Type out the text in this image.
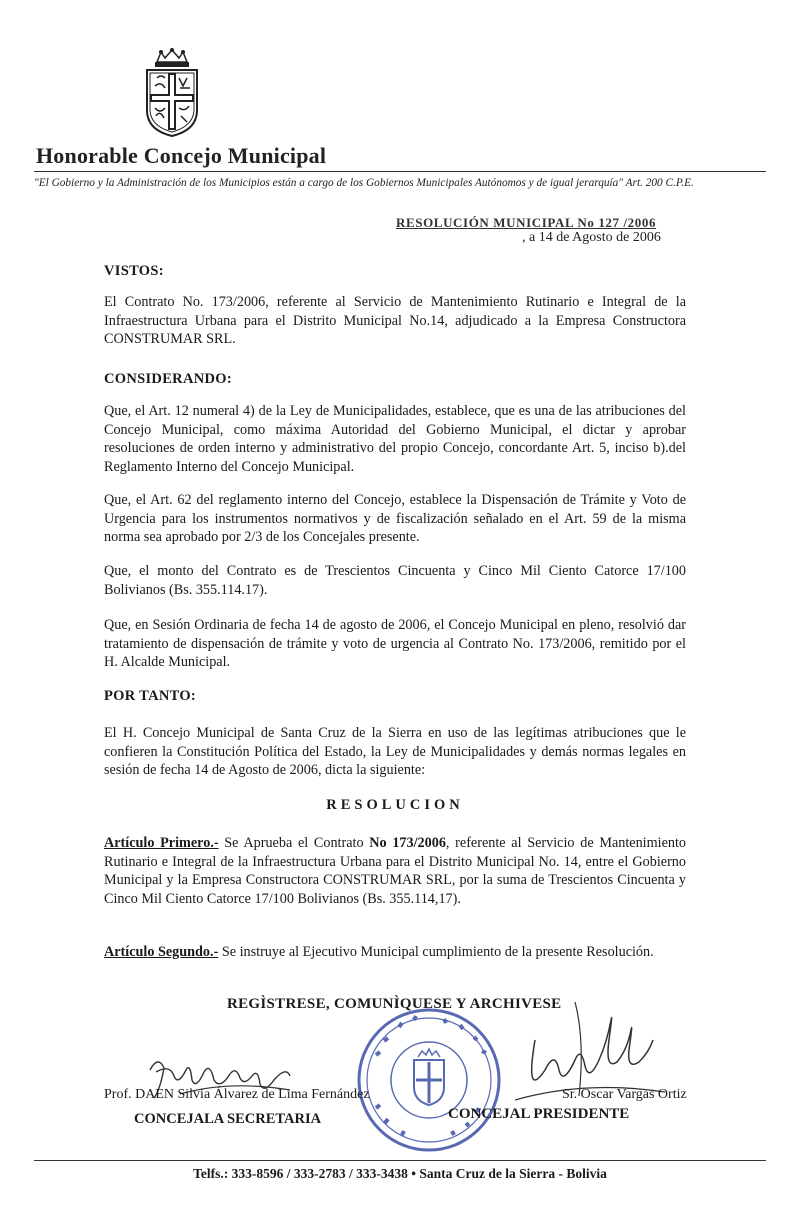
Honorable Concejo Municipal
"El Gobierno y la Administración de los Municipios están a cargo de los Gobiernos Municipales Autónomos y de igual jerarquía" Art. 200 C.P.E.
RESOLUCIÓN MUNICIPAL No 127 /2006
, a 14 de Agosto de 2006
VISTOS:
El Contrato No. 173/2006, referente al Servicio de Mantenimiento Rutinario e Integral de la Infraestructura Urbana para el Distrito Municipal No.14, adjudicado a la Empresa Constructora CONSTRUMAR SRL.
CONSIDERANDO:
Que, el Art. 12 numeral 4) de la Ley de Municipalidades, establece, que es una de las atribuciones del Concejo Municipal, como máxima Autoridad del Gobierno Municipal, el dictar y aprobar resoluciones de orden interno y administrativo del propio Concejo, concordante Art. 5, inciso b).del Reglamento Interno del Concejo Municipal.
Que, el Art. 62 del reglamento interno del Concejo, establece la Dispensación de Trámite y Voto de Urgencia para los instrumentos normativos y de fiscalización señalado en el Art. 59 de la misma norma sea aprobado por 2/3 de los Concejales presente.
Que, el monto del Contrato es de Trescientos Cincuenta y Cinco Mil Ciento Catorce 17/100 Bolivianos (Bs. 355.114.17).
Que, en Sesión Ordinaria de fecha 14 de agosto de 2006, el Concejo Municipal en pleno, resolvió dar tratamiento de dispensación de trámite y voto de urgencia al Contrato No. 173/2006, remitido por el H. Alcalde Municipal.
POR TANTO:
El H. Concejo Municipal de Santa Cruz de la Sierra en uso de las legítimas atribuciones que le confieren la Constitución Política del Estado, la Ley de Municipalidades y demás normas legales en sesión de fecha 14 de Agosto de 2006, dicta la siguiente:
RESOLUCION
Artículo Primero.- Se Aprueba el Contrato No 173/2006, referente al Servicio de Mantenimiento Rutinario e Integral de la Infraestructura Urbana para el Distrito Municipal No. 14, entre el Gobierno Municipal y la Empresa Constructora CONSTRUMAR SRL, por la suma de Trescientos Cincuenta y Cinco Mil Ciento Catorce 17/100 Bolivianos (Bs. 355.114,17).
Artículo Segundo.- Se instruye al Ejecutivo Municipal cumplimiento de la presente Resolución.
REGÌSTRESE, COMUNÌQUESE Y ARCHIVESE
Prof. DAEN Silvia Álvarez de Lima Fernández
CONCEJALA SECRETARIA
Sr. Oscar Vargas Ortiz
CONCEJAL PRESIDENTE
Telfs.: 333-8596 / 333-2783 / 333-3438 • Santa Cruz de la Sierra - Bolivia
